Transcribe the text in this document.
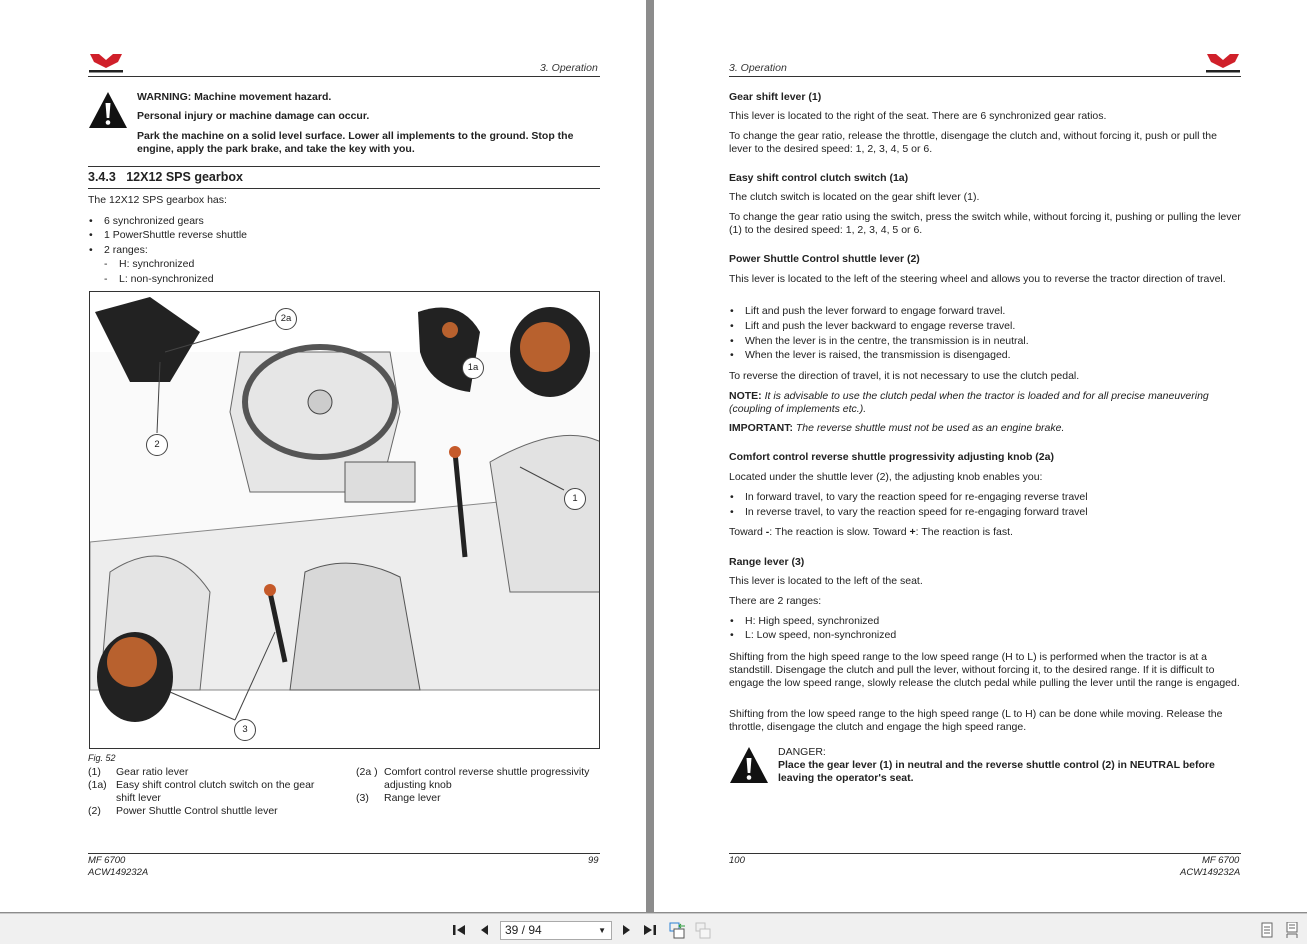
3. Operation
WARNING: Machine movement hazard.
Personal injury or machine damage can occur.
Park the machine on a solid level surface. Lower all implements to the ground. Stop the
engine, apply the park brake, and take the key with you.
3.4.3   12X12 SPS gearbox
The 12X12 SPS gearbox has:
• 6 synchronized gears
• 1 PowerShuttle reverse shuttle
• 2 ranges:
- H: synchronized
- L: non-synchronized
2a
1a
2
1
3
Fig. 52
(1) Gear ratio lever
(1a) Easy shift control clutch switch on the gear shift lever
(2) Power Shuttle Control shuttle lever
(2a ) Comfort control reverse shuttle progressivity adjusting knob
(3) Range lever
MF 6700
ACW149232A
99
3. Operation
Gear shift lever (1)
This lever is located to the right of the seat. There are 6 synchronized gear ratios.
To change the gear ratio, release the throttle, disengage the clutch and, without forcing it, push or pull the lever to the desired speed: 1, 2, 3, 4, 5 or 6.
Easy shift control clutch switch (1a)
The clutch switch is located on the gear shift lever (1).
To change the gear ratio using the switch, press the switch while, without forcing it, pushing or pulling the lever (1) to the desired speed: 1, 2, 3, 4, 5 or 6.
Power Shuttle Control shuttle lever (2)
This lever is located to the left of the steering wheel and allows you to reverse the tractor direction of travel.
• Lift and push the lever forward to engage forward travel.
• Lift and push the lever backward to engage reverse travel.
• When the lever is in the centre, the transmission is in neutral.
• When the lever is raised, the transmission is disengaged.
To reverse the direction of travel, it is not necessary to use the clutch pedal.
NOTE: It is advisable to use the clutch pedal when the tractor is loaded and for all precise maneuvering (coupling of implements etc.).
IMPORTANT: The reverse shuttle must not be used as an engine brake.
Comfort control reverse shuttle progressivity adjusting knob (2a)
Located under the shuttle lever (2), the adjusting knob enables you:
• In forward travel, to vary the reaction speed for re-engaging reverse travel
• In reverse travel, to vary the reaction speed for re-engaging forward travel
Toward -: The reaction is slow. Toward +: The reaction is fast.
Range lever (3)
This lever is located to the left of the seat.
There are 2 ranges:
• H: High speed, synchronized
• L: Low speed, non-synchronized
Shifting from the high speed range to the low speed range (H to L) is performed when the tractor is at a standstill. Disengage the clutch and pull the lever, without forcing it, to the desired range. If it is difficult to engage the low speed range, slowly release the clutch pedal while pulling the lever until the range is engaged.
Shifting from the low speed range to the high speed range (L to H) can be done while moving. Release the throttle, disengage the clutch and engage the high speed range.
DANGER:
Place the gear lever (1) in neutral and the reverse shuttle control (2) in NEUTRAL before leaving the operator's seat.
100	MF 6700
ACW149232A
39 / 94	▼
